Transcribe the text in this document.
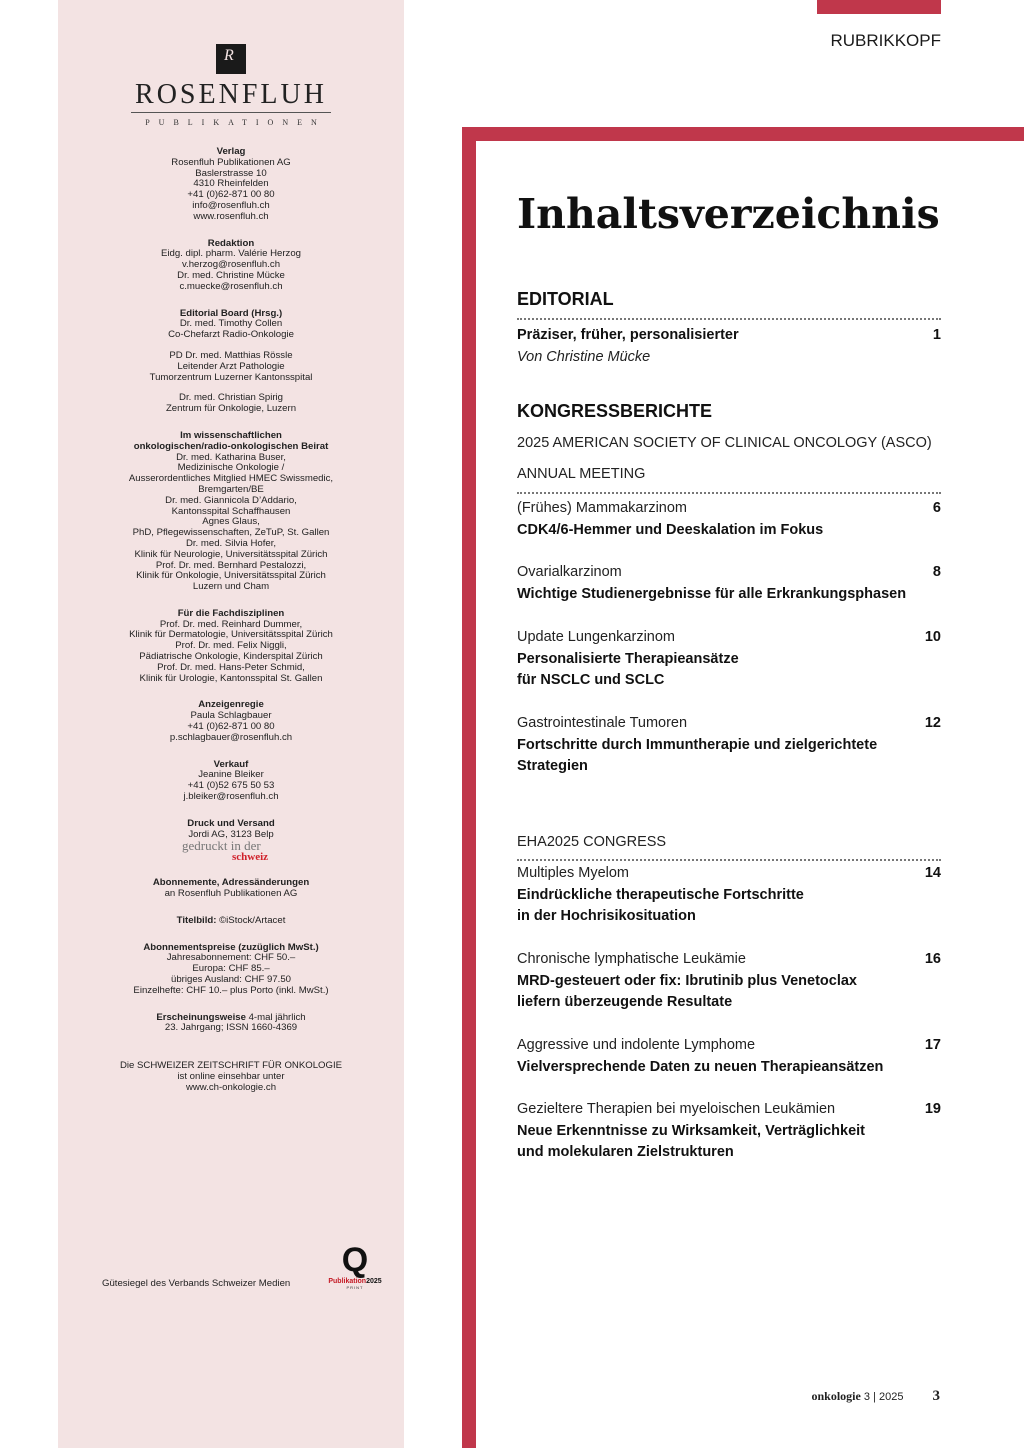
R
ROSENFLUH
PUBLIKATIONEN
Verlag
Rosenfluh Publikationen AG
Baslerstrasse 10
4310 Rheinfelden
+41 (0)62-871 00 80
info@rosenfluh.ch
www.rosenfluh.ch
Redaktion
Eidg. dipl. pharm. Valérie Herzog
v.herzog@rosenfluh.ch
Dr. med. Christine Mücke
c.muecke@rosenfluh.ch
Editorial Board (Hrsg.)
Dr. med. Timothy Collen
Co-Chefarzt Radio-Onkologie
PD Dr. med. Matthias Rössle
Leitender Arzt Pathologie
Tumorzentrum Luzerner Kantonsspital
Dr. med. Christian Spirig
Zentrum für Onkologie, Luzern
Im wissenschaftlichen
onkologischen/radio-onkologischen Beirat
Dr. med. Katharina Buser,
Medizinische Onkologie /
Ausserordentliches Mitglied HMEC Swissmedic,
Bremgarten/BE
Dr. med. Giannicola D’Addario,
Kantonsspital Schaffhausen
Agnes Glaus,
PhD, Pflegewissenschaften, ZeTuP, St. Gallen
Dr. med. Silvia Hofer,
Klinik für Neurologie, Universitätsspital Zürich
Prof. Dr. med. Bernhard Pestalozzi,
Klinik für Onkologie, Universitätsspital Zürich
Luzern und Cham
Für die Fachdisziplinen
Prof. Dr. med. Reinhard Dummer,
Klinik für Dermatologie, Universitätsspital Zürich
Prof. Dr. med. Felix Niggli,
Pädiatrische Onkologie, Kinderspital Zürich
Prof. Dr. med. Hans-Peter Schmid,
Klinik für Urologie, Kantonsspital St. Gallen
Anzeigenregie
Paula Schlagbauer
+41 (0)62-871 00 80
p.schlagbauer@rosenfluh.ch
Verkauf
Jeanine Bleiker
+41 (0)52 675 50 53
j.bleiker@rosenfluh.ch
Druck und Versand
Jordi AG, 3123 Belp
gedruckt in der
schweiz
Abonnemente, Adressänderungen
an Rosenfluh Publikationen AG
Titelbild: ©iStock/Artacet
Abonnementspreise (zuzüglich MwSt.)
Jahresabonnement: CHF 50.–
Europa: CHF 85.–
übriges Ausland: CHF 97.50
Einzelhefte: CHF 10.– plus Porto (inkl. MwSt.)
Erscheinungsweise 4-mal jährlich
23. Jahrgang; ISSN 1660-4369
Die SCHWEIZER ZEITSCHRIFT FÜR ONKOLOGIE
ist online einsehbar unter
www.ch-onkologie.ch
Gütesiegel des Verbands Schweizer Medien
Q
Publikation2025
PRINT
RUBRIKKOPF
Inhaltsverzeichnis
EDITORIAL
Präziser, früher, personalisierter
Von Christine Mücke
1
KONGRESSBERICHTE
2025 AMERICAN SOCIETY OF CLINICAL ONCOLOGY (ASCO)
ANNUAL MEETING
(Frühes) Mammakarzinom
CDK4/6-Hemmer und Deeskalation im Fokus
6
Ovarialkarzinom
Wichtige Studienergebnisse für alle Erkrankungsphasen
8
Update Lungenkarzinom
Personalisierte Therapieansätze
für NSCLC und SCLC
10
Gastrointestinale Tumoren
Fortschritte durch Immuntherapie und zielgerichtete
Strategien
12
EHA2025 CONGRESS
Multiples Myelom
Eindrückliche therapeutische Fortschritte
in der Hochrisikosituation
14
Chronische lymphatische Leukämie
MRD-gesteuert oder fix: Ibrutinib plus Venetoclax
liefern überzeugende Resultate
16
Aggressive und indolente Lymphome
Vielversprechende Daten zu neuen Therapieansätzen
17
Gezieltere Therapien bei myeloischen Leukämien
Neue Erkenntnisse zu Wirksamkeit, Verträglichkeit
und molekularen Zielstrukturen
19
onkologie 3 | 2025 3
